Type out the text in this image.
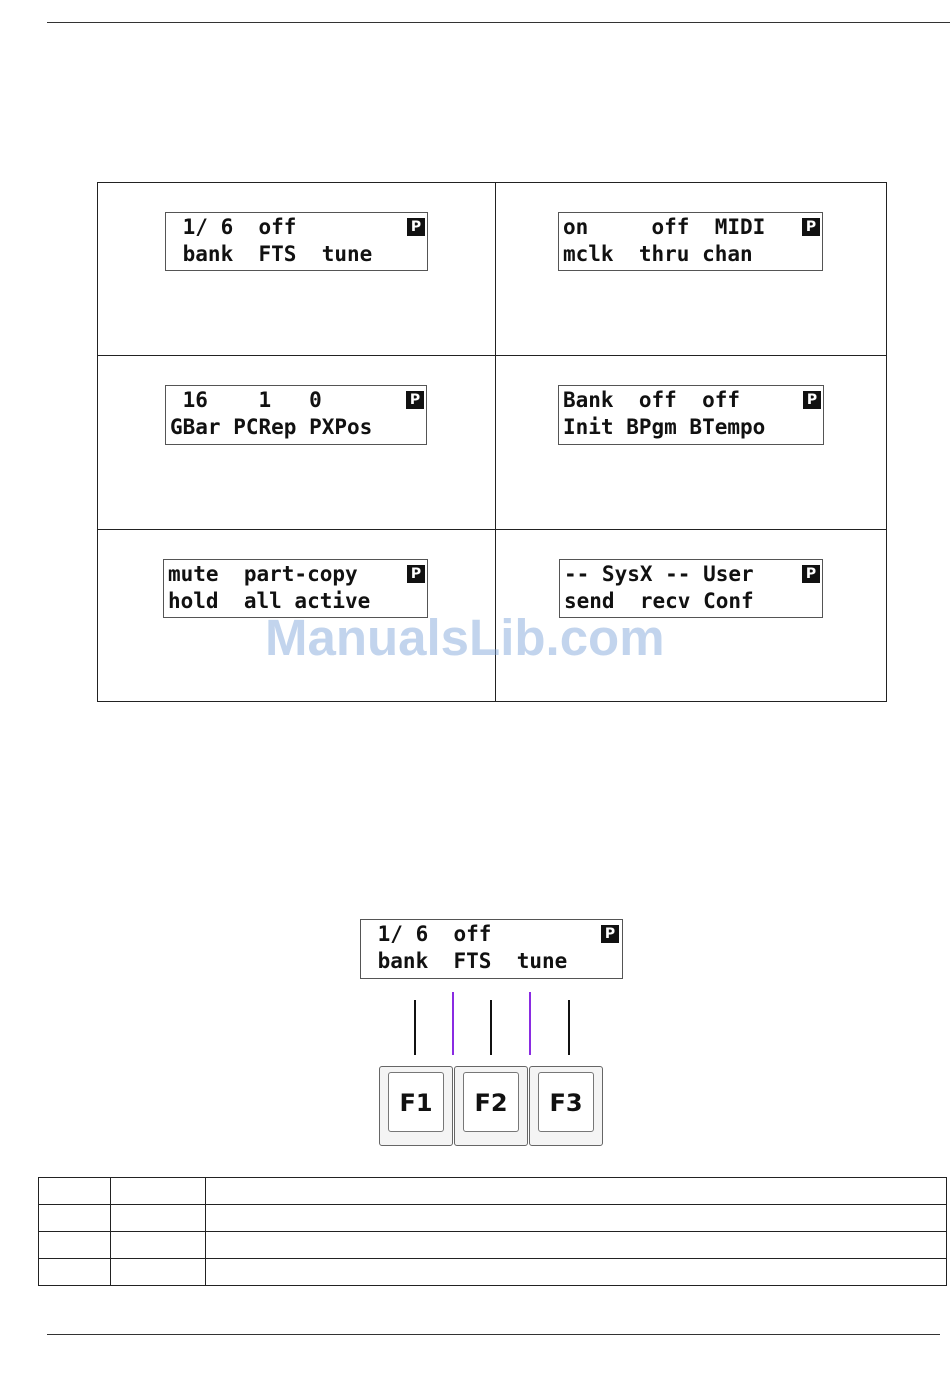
1/ 6  off
bank  FTS  tune
P	on     off  MIDI
mclk  thru chan
P
16    1   0
GBar PCRep PXPos
P	Bank  off  off
Init BPgm BTempo
P
mute  part-copy
hold  all active
P	-- SysX -- User
send  recv Conf
P
ManualsLib.com
1/ 6  off
bank  FTS  tune
P
F1	F2	F3
